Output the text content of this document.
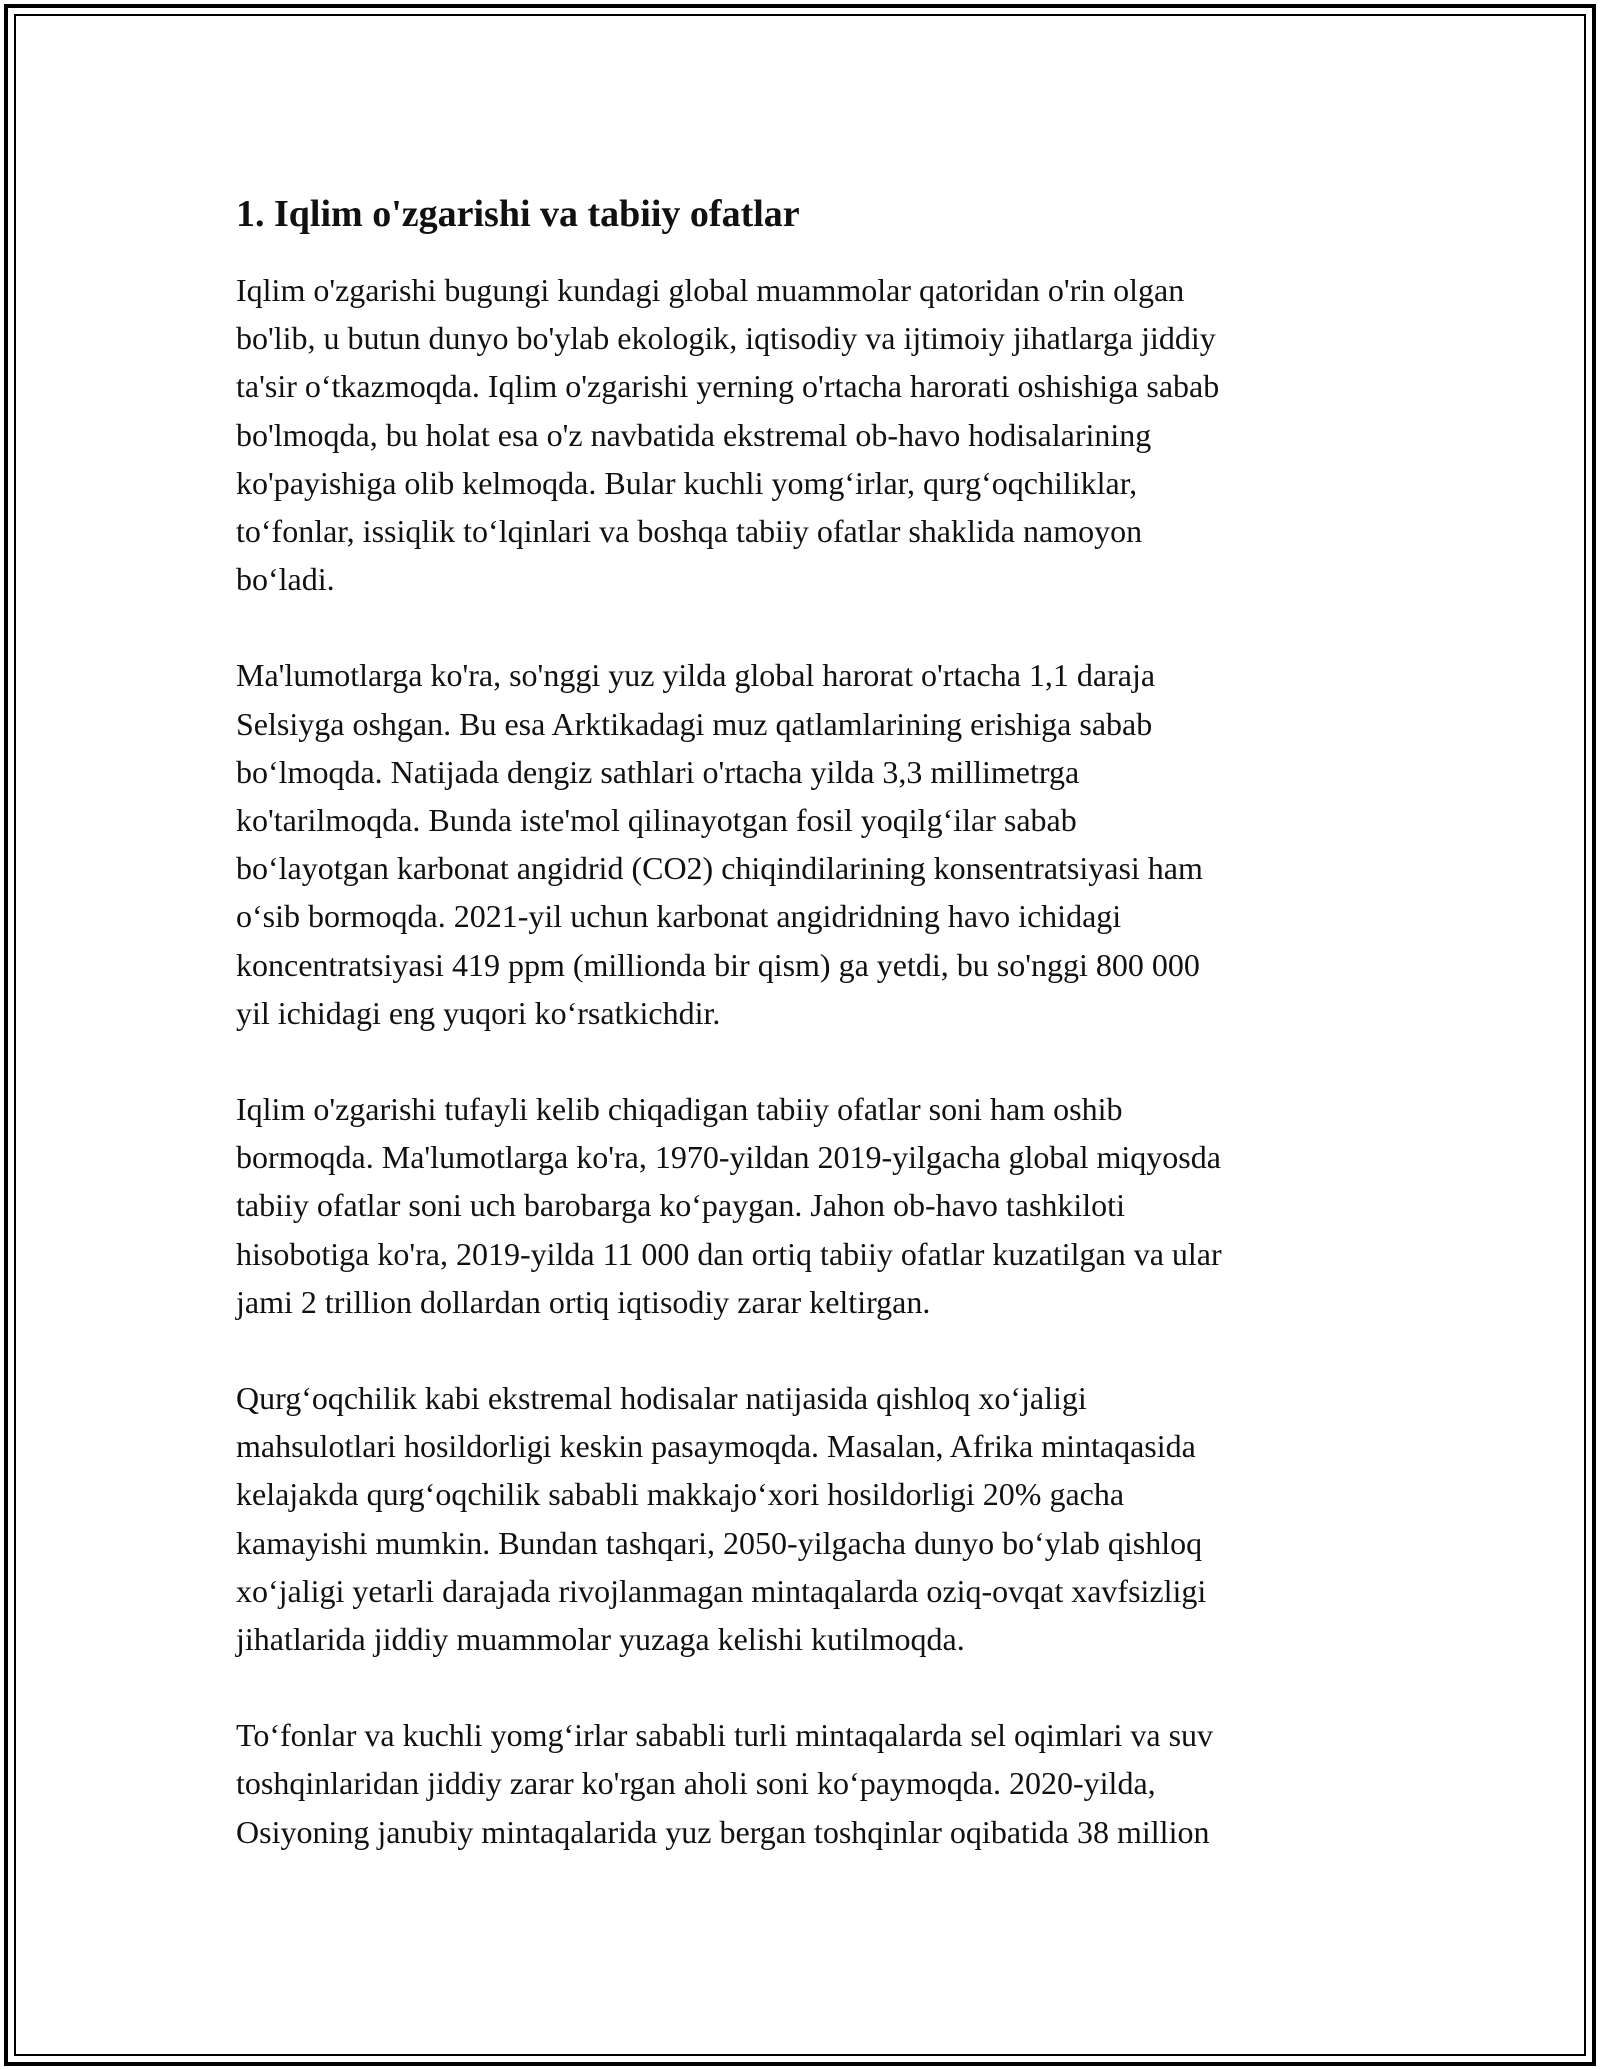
1. Iqlim o'zgarishi va tabiiy ofatlar

Iqlim o'zgarishi bugungi kundagi global muammolar qatoridan o'rin olgan
bo'lib, u butun dunyo bo'ylab ekologik, iqtisodiy va ijtimoiy jihatlarga jiddiy
ta'sir o‘tkazmoqda. Iqlim o'zgarishi yerning o'rtacha harorati oshishiga sabab
bo'lmoqda, bu holat esa o'z navbatida ekstremal ob-havo hodisalarining
ko'payishiga olib kelmoqda. Bular kuchli yomg‘irlar, qurg‘oqchiliklar,
to‘fonlar, issiqlik to‘lqinlari va boshqa tabiiy ofatlar shaklida namoyon
bo‘ladi.

Ma'lumotlarga ko'ra, so'nggi yuz yilda global harorat o'rtacha 1,1 daraja
Selsiyga oshgan. Bu esa Arktikadagi muz qatlamlarining erishiga sabab
bo‘lmoqda. Natijada dengiz sathlari o'rtacha yilda 3,3 millimetrga
ko'tarilmoqda. Bunda iste'mol qilinayotgan fosil yoqilg‘ilar sabab
bo‘layotgan karbonat angidrid (CO2) chiqindilarining konsentratsiyasi ham
o‘sib bormoqda. 2021-yil uchun karbonat angidridning havo ichidagi
koncentratsiyasi 419 ppm (millionda bir qism) ga yetdi, bu so'nggi 800 000
yil ichidagi eng yuqori ko‘rsatkichdir.

Iqlim o'zgarishi tufayli kelib chiqadigan tabiiy ofatlar soni ham oshib
bormoqda. Ma'lumotlarga ko'ra, 1970-yildan 2019-yilgacha global miqyosda
tabiiy ofatlar soni uch barobarga ko‘paygan. Jahon ob-havo tashkiloti
hisobotiga ko'ra, 2019-yilda 11 000 dan ortiq tabiiy ofatlar kuzatilgan va ular
jami 2 trillion dollardan ortiq iqtisodiy zarar keltirgan.

Qurg‘oqchilik kabi ekstremal hodisalar natijasida qishloq xo‘jaligi
mahsulotlari hosildorligi keskin pasaymoqda. Masalan, Afrika mintaqasida
kelajakda qurg‘oqchilik sababli makkajo‘xori hosildorligi 20% gacha
kamayishi mumkin. Bundan tashqari, 2050-yilgacha dunyo bo‘ylab qishloq
xo‘jaligi yetarli darajada rivojlanmagan mintaqalarda oziq-ovqat xavfsizligi
jihatlarida jiddiy muammolar yuzaga kelishi kutilmoqda.

To‘fonlar va kuchli yomg‘irlar sababli turli mintaqalarda sel oqimlari va suv
toshqinlaridan jiddiy zarar ko'rgan aholi soni ko‘paymoqda. 2020-yilda,
Osiyoning janubiy mintaqalarida yuz bergan toshqinlar oqibatida 38 million
